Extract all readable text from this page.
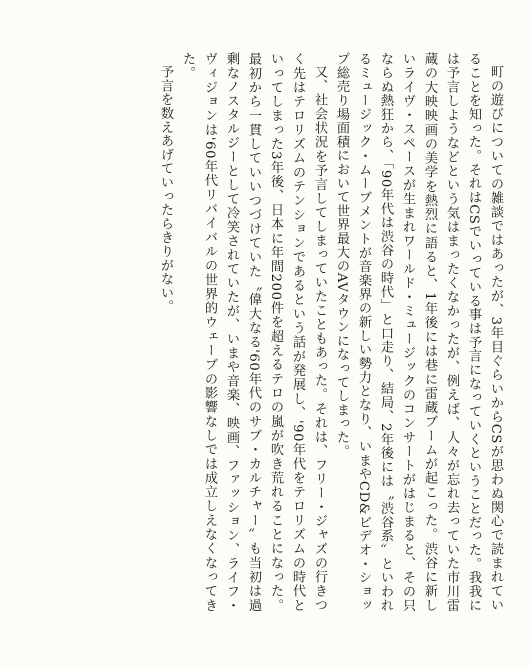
町の遊びについての雑談ではあったが、3年目ぐらいからCSが思わぬ関心で読まれていることを知った。それはCSでいっている事は予言になっていくということだった。我我には予言しようなどという気はまったくなかったが、例えば、人々が忘れ去っていた市川雷蔵の大映映画の美学を熱烈に語ると、1年後には巷に雷蔵ブームが起こった。渋谷に新しいライヴ・スペースが生まれワールド・ミュージックのコンサートがはじまると、その只ならぬ熱狂から、「90年代は渋谷の時代」と口走り、結局、2年後には〝渋谷系〟といわれるミュージック・ムーブメントが音楽界の新しい勢力となり、いまやCD&ビデオ・ショップ総売り場面積において世界最大のAVタウンになってしまった。

又、社会状況を予言してしまっていたこともあった。それは、フリー・ジャズの行きつく先はテロリズムのテンションであるという話が発展し、'90年代をテロリズムの時代といってしまった3年後、日本に年間200件を超えるテロの嵐が吹き荒れることになった。最初から一貫していいつづけていた〝偉大なる'60年代のサブ・カルチャー〟も当初は過剰なノスタルジーとして冷笑されていたが、いまや音楽、映画、ファッション、ライフ・ヴィジョンは'60年代リバイバルの世界的ウェーブの影響なしでは成立しえなくなってきた。

予言を数えあげていったらきりがない。
